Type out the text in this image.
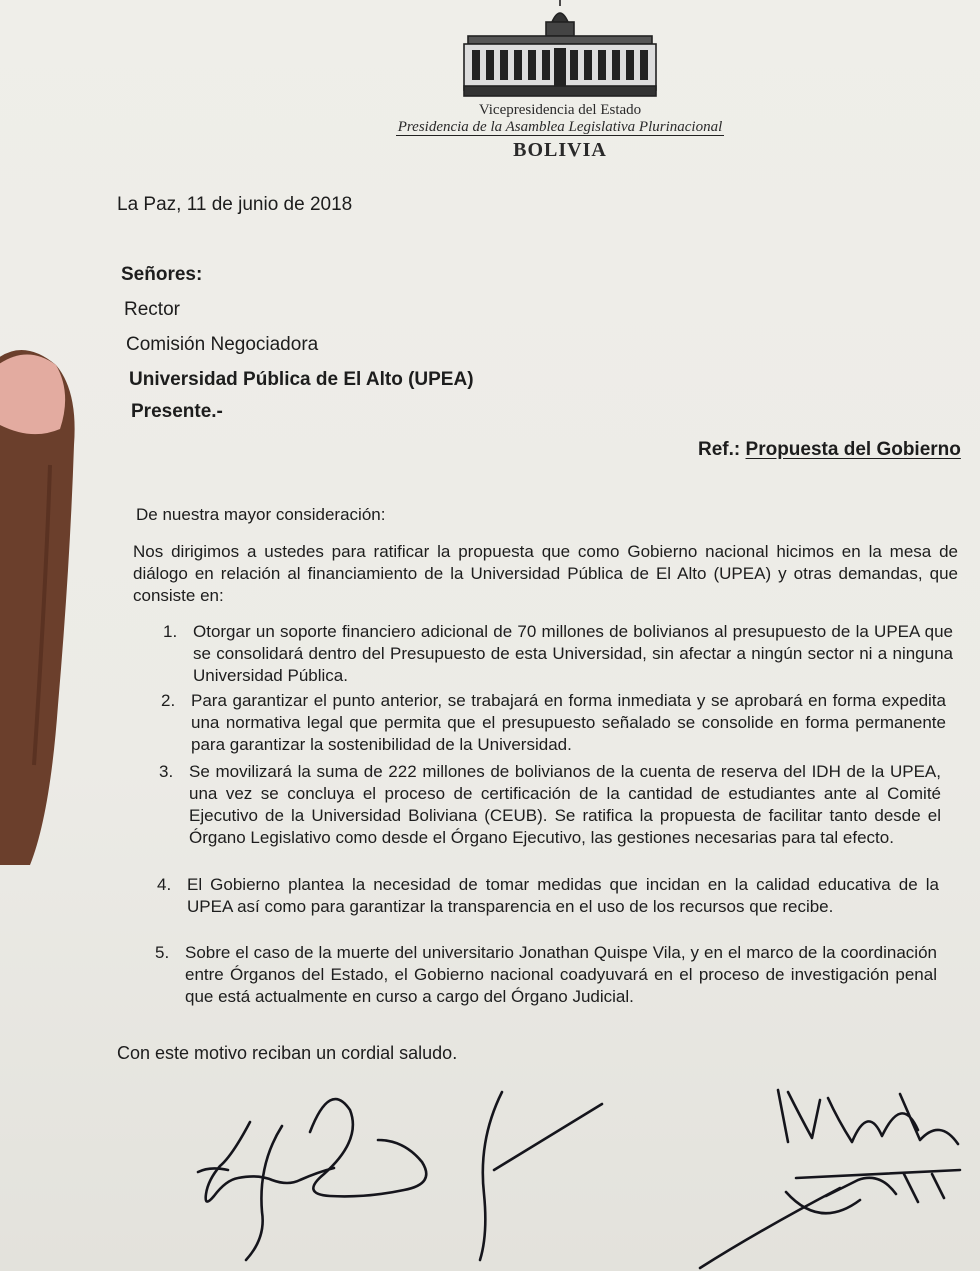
Vicepresidencia del Estado
Presidencia de la Asamblea Legislativa Plurinacional
BOLIVIA
La Paz, 11 de junio de 2018
Señores:
Rector
Comisión Negociadora
Universidad Pública de El Alto (UPEA)
Presente.-
Ref.: Propuesta del Gobierno
De nuestra mayor consideración:
Nos dirigimos a ustedes para ratificar la propuesta que como Gobierno nacional hicimos en la mesa de diálogo en relación al financiamiento de la Universidad Pública de El Alto (UPEA) y otras demandas, que consiste en:
1. Otorgar un soporte financiero adicional de 70 millones de bolivianos al presupuesto de la UPEA que se consolidará dentro del Presupuesto de esta Universidad, sin afectar a ningún sector ni a ninguna Universidad Pública.
2. Para garantizar el punto anterior, se trabajará en forma inmediata y se aprobará en forma expedita una normativa legal que permita que el presupuesto señalado se consolide en forma permanente para garantizar la sostenibilidad de la Universidad.
3. Se movilizará la suma de 222 millones de bolivianos de la cuenta de reserva del IDH de la UPEA, una vez se concluya el proceso de certificación de la cantidad de estudiantes ante al Comité Ejecutivo de la Universidad Boliviana (CEUB). Se ratifica la propuesta de facilitar tanto desde el Órgano Legislativo como desde el Órgano Ejecutivo, las gestiones necesarias para tal efecto.
4. El Gobierno plantea la necesidad de tomar medidas que incidan en la calidad educativa de la UPEA así como para garantizar la transparencia en el uso de los recursos que recibe.
5. Sobre el caso de la muerte del universitario Jonathan Quispe Vila, y en el marco de la coordinación entre Órganos del Estado, el Gobierno nacional coadyuvará en el proceso de investigación penal que está actualmente en curso a cargo del Órgano Judicial.
Con este motivo reciban un cordial saludo.
